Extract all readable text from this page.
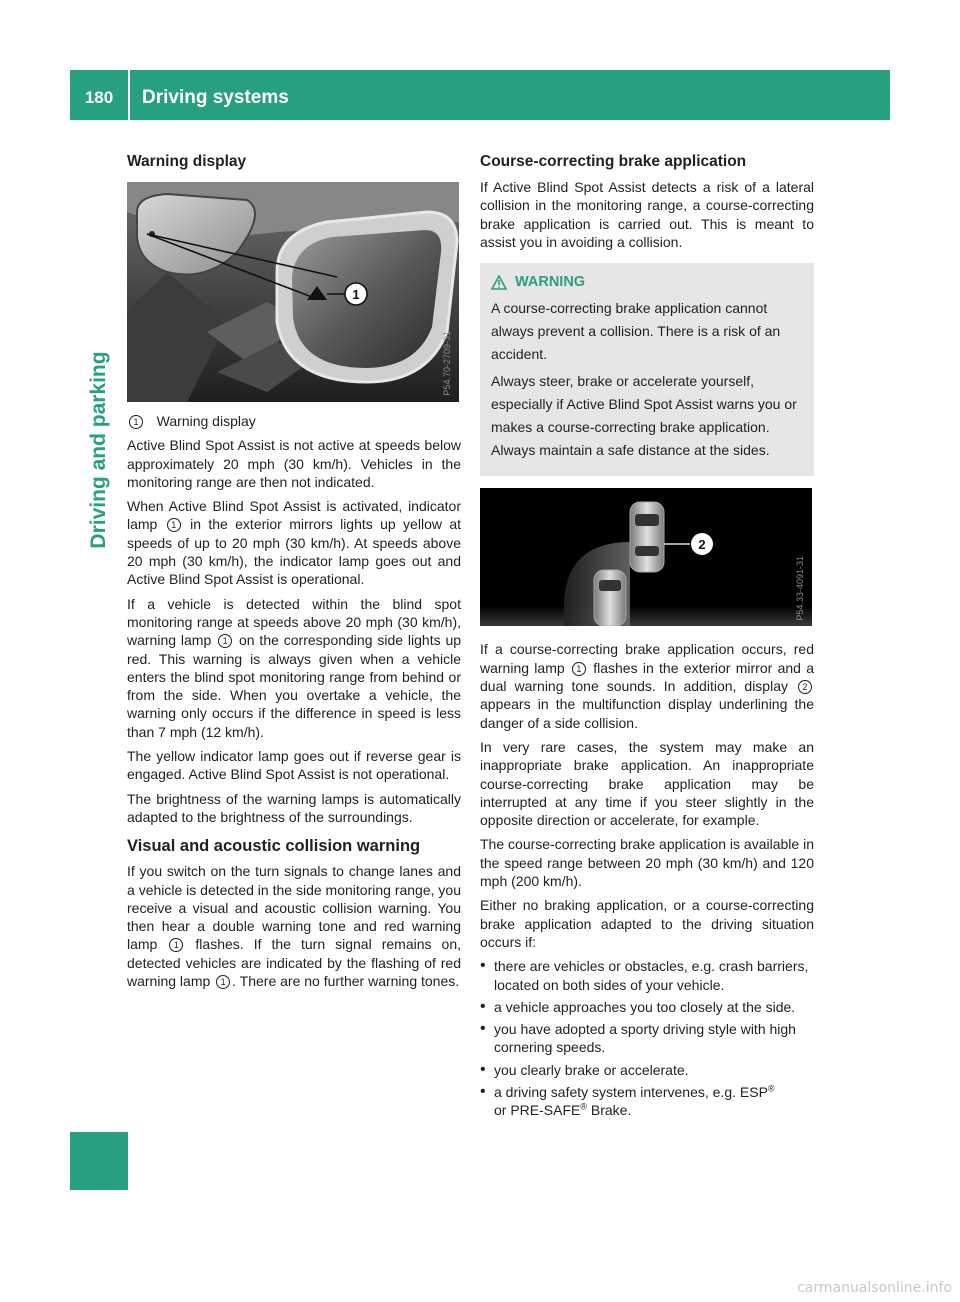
180	Driving systems
Driving and parking
Warning display
1
P54.70-2709-31

1 Warning display

Active Blind Spot Assist is not active at speeds below approximately 20 mph (30 km/h). Vehicles in the monitoring range are then not indicated.

When Active Blind Spot Assist is activated, indicator lamp 1 in the exterior mirrors lights up yellow at speeds of up to 20 mph (30 km/h). At speeds above 20 mph (30 km/h), the indicator lamp goes out and Active Blind Spot Assist is operational.

If a vehicle is detected within the blind spot monitoring range at speeds above 20 mph (30 km/h), warning lamp 1 on the corresponding side lights up red. This warning is always given when a vehicle enters the blind spot monitoring range from behind or from the side. When you overtake a vehicle, the warning only occurs if the difference in speed is less than 7 mph (12 km/h).

The yellow indicator lamp goes out if reverse gear is engaged. Active Blind Spot Assist is not operational.

The brightness of the warning lamps is automatically adapted to the brightness of the surroundings.

Visual and acoustic collision warning

If you switch on the turn signals to change lanes and a vehicle is detected in the side monitoring range, you receive a visual and acoustic collision warning. You then hear a double warning tone and red warning lamp 1 flashes. If the turn signal remains on, detected vehicles are indicated by the flashing of red warning lamp 1 . There are no further warning tones.

Course-correcting brake application

If Active Blind Spot Assist detects a risk of a lateral collision in the monitoring range, a course-correcting brake application is carried out. This is meant to assist you in avoiding a collision.

WARNING

A course-correcting brake application cannot always prevent a collision. There is a risk of an accident.

Always steer, brake or accelerate yourself, especially if Active Blind Spot Assist warns you or makes a course-correcting brake application. Always maintain a safe distance at the sides.

2
P54.33-4091-31

If a course-correcting brake application occurs, red warning lamp 1 flashes in the exterior mirror and a dual warning tone sounds. In addition, display 2 appears in the multifunction display underlining the danger of a side collision.

In very rare cases, the system may make an inappropriate brake application. An inappropriate course-correcting brake application may be interrupted at any time if you steer slightly in the opposite direction or accelerate, for example.

The course-correcting brake application is available in the speed range between 20 mph (30 km/h) and 120 mph (200 km/h).

Either no braking application, or a course-correcting brake application adapted to the driving situation occurs if:

• there are vehicles or obstacles, e.g. crash barriers, located on both sides of your vehicle.
• a vehicle approaches you too closely at the side.
• you have adopted a sporty driving style with high cornering speeds.
• you clearly brake or accelerate.
• a driving safety system intervenes, e.g. ESP®
or PRE-SAFE® Brake.
carmanualsonline.info
